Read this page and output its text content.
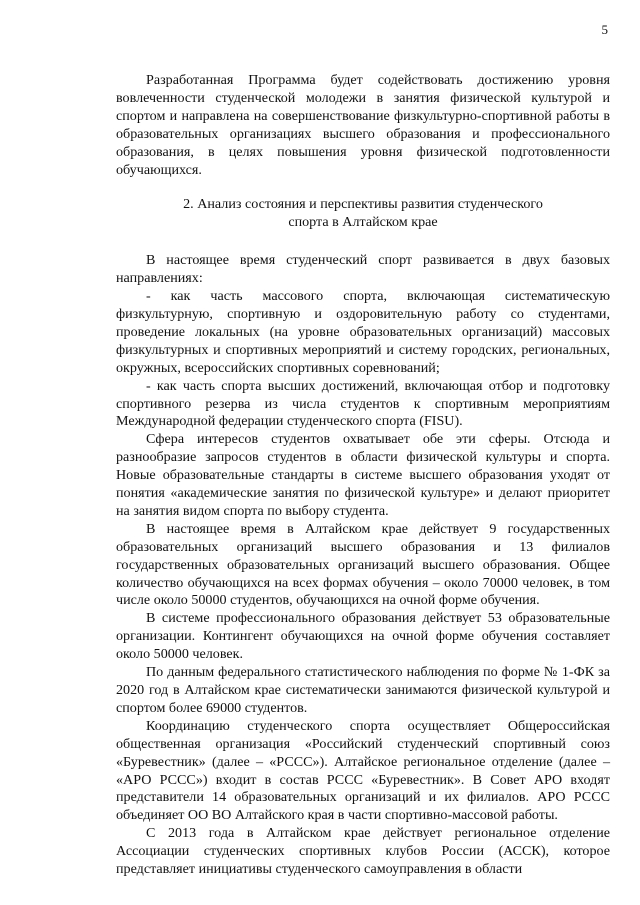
5

Разработанная Программа будет содействовать достижению уровня вовлеченности студенческой молодежи в занятия физической культурой и спортом и направлена на совершенствование физкультурно-спортивной работы в образовательных организациях высшего образования и профессионального образования, в целях повышения уровня физической подготовленности обучающихся.

2. Анализ состояния и перспективы развития студенческого
спорта в Алтайском крае

В настоящее время студенческий спорт развивается в двух базовых направлениях:

- как часть массового спорта, включающая систематическую физкультурную, спортивную и оздоровительную работу со студентами, проведение локальных (на уровне образовательных организаций) массовых физкультурных и спортивных мероприятий и систему городских, региональных, окружных, всероссийских спортивных соревнований;

- как часть спорта высших достижений, включающая отбор и подготовку спортивного резерва из числа студентов к спортивным мероприятиям Международной федерации студенческого спорта (FISU).

Сфера интересов студентов охватывает обе эти сферы. Отсюда и разнообразие запросов студентов в области физической культуры и спорта. Новые образовательные стандарты в системе высшего образования уходят от понятия «академические занятия по физической культуре» и делают приоритет на занятия видом спорта по выбору студента.

В настоящее время в Алтайском крае действует 9 государственных образовательных организаций высшего образования и 13 филиалов государственных образовательных организаций высшего образования. Общее количество обучающихся на всех формах обучения – около 70000 человек, в том числе около 50000 студентов, обучающихся на очной форме обучения.

В системе профессионального образования действует 53 образовательные организации. Контингент обучающихся на очной форме обучения составляет около 50000 человек.

По данным федерального статистического наблюдения по форме № 1-ФК за 2020 год в Алтайском крае систематически занимаются физической культурой и спортом более 69000 студентов.

Координацию студенческого спорта осуществляет Общероссийская общественная организация «Российский студенческий спортивный союз «Буревестник» (далее – «РССС»). Алтайское региональное отделение (далее – «АРО РССС») входит в состав РССС «Буревестник». В Совет АРО входят представители 14 образовательных организаций и их филиалов. АРО РССС объединяет ОО ВО Алтайского края в части спортивно-массовой работы.

С 2013 года в Алтайском крае действует региональное отделение Ассоциации студенческих спортивных клубов России (АССК), которое представляет инициативы студенческого самоуправления в области
